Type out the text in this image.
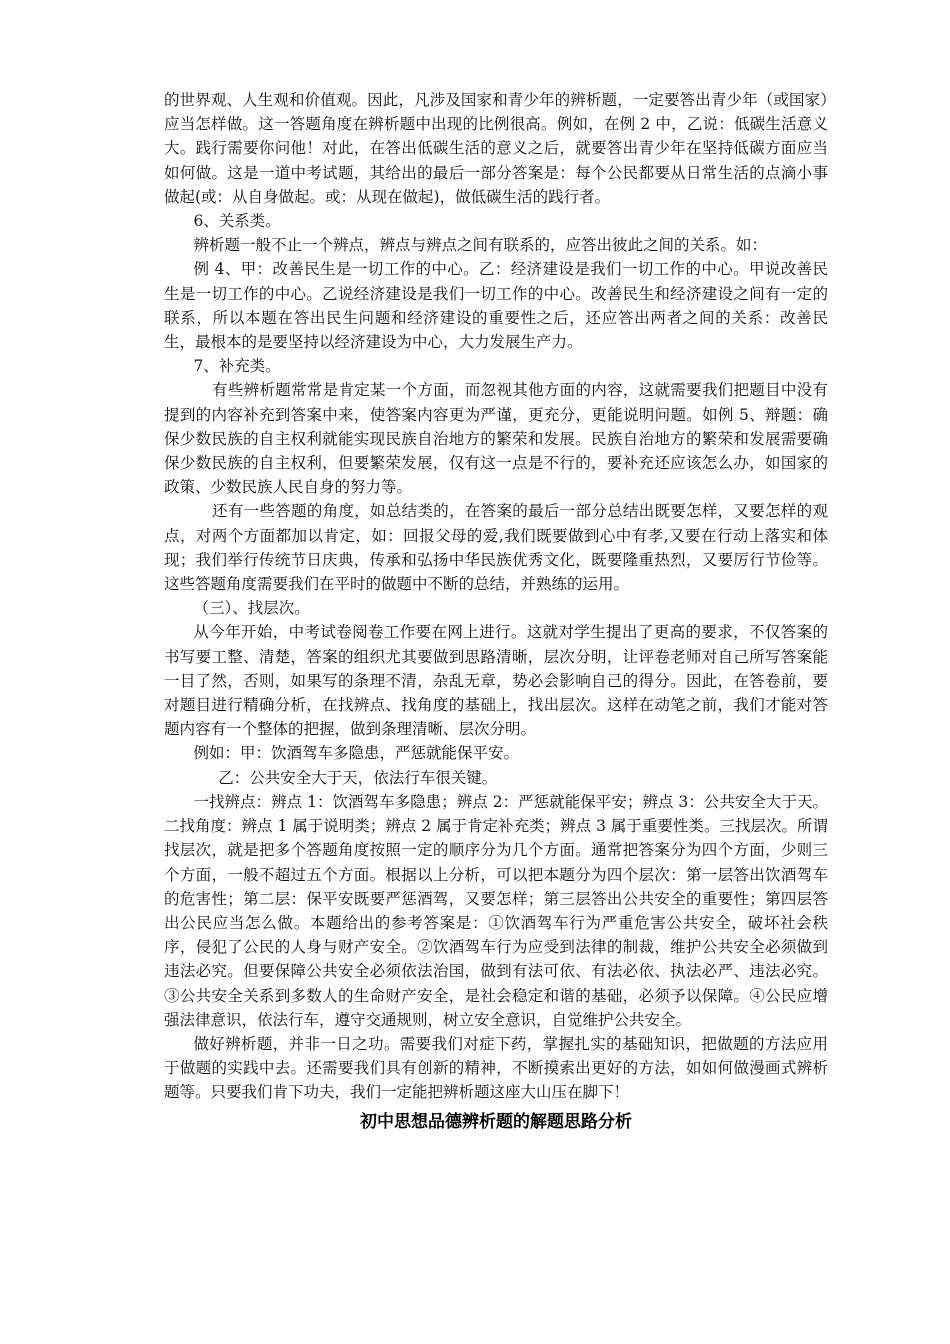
的世界观、人生观和价值观。因此，凡涉及国家和青少年的辨析题，一定要答出青少年（或国家）应当怎样做。这一答题角度在辨析题中出现的比例很高。例如，在例 2 中，乙说：低碳生活意义大。践行需要你问他！对此，在答出低碳生活的意义之后，就要答出青少年在坚持低碳方面应当如何做。这是一道中考试题，其给出的最后一部分答案是：每个公民都要从日常生活的点滴小事做起(或：从自身做起。或：从现在做起)，做低碳生活的践行者。

6、关系类。

辨析题一般不止一个辨点，辨点与辨点之间有联系的，应答出彼此之间的关系。如：

例 4、甲：改善民生是一切工作的中心。乙：经济建设是我们一切工作的中心。甲说改善民生是一切工作的中心。乙说经济建设是我们一切工作的中心。改善民生和经济建设之间有一定的联系，所以本题在答出民生问题和经济建设的重要性之后，还应答出两者之间的关系：改善民生，最根本的是要坚持以经济建设为中心，大力发展生产力。

7、补充类。

有些辨析题常常是肯定某一个方面，而忽视其他方面的内容，这就需要我们把题目中没有提到的内容补充到答案中来，使答案内容更为严谨，更充分，更能说明问题。如例 5、辩题：确保少数民族的自主权利就能实现民族自治地方的繁荣和发展。民族自治地方的繁荣和发展需要确保少数民族的自主权利，但要繁荣发展，仅有这一点是不行的，要补充还应该怎么办，如国家的政策、少数民族人民自身的努力等。

还有一些答题的角度，如总结类的，在答案的最后一部分总结出既要怎样，又要怎样的观点，对两个方面都加以肯定，如：回报父母的爱,我们既要做到心中有孝,又要在行动上落实和体现；我们举行传统节日庆典，传承和弘扬中华民族优秀文化，既要隆重热烈，又要厉行节俭等。这些答题角度需要我们在平时的做题中不断的总结，并熟练的运用。

（三）、找层次。

从今年开始，中考试卷阅卷工作要在网上进行。这就对学生提出了更高的要求，不仅答案的书写要工整、清楚，答案的组织尤其要做到思路清晰，层次分明，让评卷老师对自己所写答案能一目了然，否则，如果写的条理不清，杂乱无章，势必会影响自己的得分。因此，在答卷前，要对题目进行精确分析，在找辨点、找角度的基础上，找出层次。这样在动笔之前，我们才能对答题内容有一个整体的把握，做到条理清晰、层次分明。

例如：甲：饮酒驾车多隐患，严惩就能保平安。

乙：公共安全大于天，依法行车很关键。

一找辨点：辨点 1：饮酒驾车多隐患；辨点 2：严惩就能保平安；辨点 3：公共安全大于天。二找角度：辨点 1 属于说明类；辨点 2 属于肯定补充类；辨点 3 属于重要性类。三找层次。所谓找层次，就是把多个答题角度按照一定的顺序分为几个方面。通常把答案分为四个方面，少则三个方面，一般不超过五个方面。根据以上分析，可以把本题分为四个层次：第一层答出饮酒驾车的危害性；第二层：保平安既要严惩酒驾，又要怎样；第三层答出公共安全的重要性；第四层答出公民应当怎么做。本题给出的参考答案是：①饮酒驾车行为严重危害公共安全，破坏社会秩序，侵犯了公民的人身与财产安全。②饮酒驾车行为应受到法律的制裁，维护公共安全必须做到违法必究。但要保障公共安全必须依法治国，做到有法可依、有法必依、执法必严、违法必究。③公共安全关系到多数人的生命财产安全，是社会稳定和谐的基础，必须予以保障。④公民应增强法律意识，依法行车，遵守交通规则，树立安全意识，自觉维护公共安全。

做好辨析题，并非一日之功。需要我们对症下药，掌握扎实的基础知识，把做题的方法应用于做题的实践中去。还需要我们具有创新的精神，不断摸索出更好的方法，如如何做漫画式辨析题等。只要我们肯下功夫，我们一定能把辨析题这座大山压在脚下！

初中思想品德辨析题的解题思路分析
